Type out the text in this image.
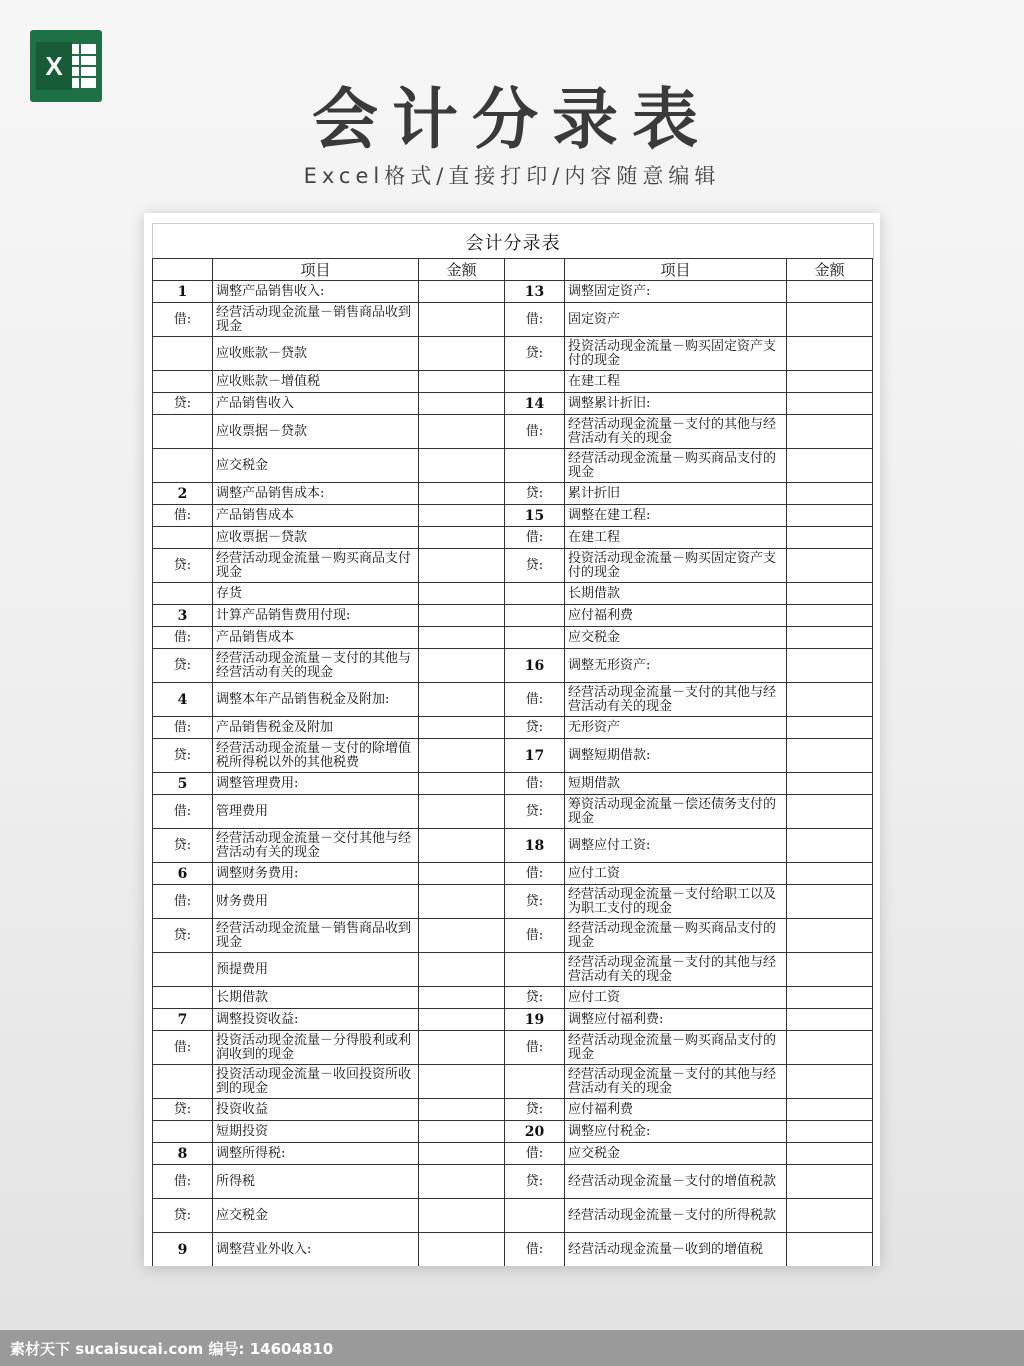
X
会计分录表
Excel格式/直接打印/内容随意编辑
会计分录表
	项目	金额		项目	金额
1	调整产品销售收入:		13	调整固定资产:	
借:	经营活动现金流量－销售商品收到现金		借:	固定资产	
	应收账款－贷款		贷:	投资活动现金流量－购买固定资产支付的现金	
	应收账款－增值税			在建工程	
贷:	产品销售收入		14	调整累计折旧:	
	应收票据－贷款		借:	经营活动现金流量－支付的其他与经营活动有关的现金	
	应交税金			经营活动现金流量－购买商品支付的现金	
2	调整产品销售成本:		贷:	累计折旧	
借:	产品销售成本		15	调整在建工程:	
	应收票据－贷款		借:	在建工程	
贷:	经营活动现金流量－购买商品支付现金		贷:	投资活动现金流量－购买固定资产支付的现金	
	存货			长期借款	
3	计算产品销售费用付现:			应付福利费	
借:	产品销售成本			应交税金	
贷:	经营活动现金流量－支付的其他与经营活动有关的现金		16	调整无形资产:	
4	调整本年产品销售税金及附加:		借:	经营活动现金流量－支付的其他与经营活动有关的现金	
借:	产品销售税金及附加		贷:	无形资产	
贷:	经营活动现金流量－支付的除增值税所得税以外的其他税费		17	调整短期借款:	
5	调整管理费用:		借:	短期借款	
借:	管理费用		贷:	筹资活动现金流量－偿还债务支付的现金	
贷:	经营活动现金流量－交付其他与经营活动有关的现金		18	调整应付工资:	
6	调整财务费用:		借:	应付工资	
借:	财务费用		贷:	经营活动现金流量－支付给职工以及为职工支付的现金	
贷:	经营活动现金流量－销售商品收到现金		借:	经营活动现金流量－购买商品支付的现金	
	预提费用			经营活动现金流量－支付的其他与经营活动有关的现金	
	长期借款		贷:	应付工资	
7	调整投资收益:		19	调整应付福利费:	
借:	投资活动现金流量－分得股利或利润收到的现金		借:	经营活动现金流量－购买商品支付的现金	
	投资活动现金流量－收回投资所收到的现金			经营活动现金流量－支付的其他与经营活动有关的现金	
贷:	投资收益		贷:	应付福利费	
	短期投资		20	调整应付税金:	
8	调整所得税:		借:	应交税金	
借:	所得税		贷:	经营活动现金流量－支付的增值税款	
贷:	应交税金			经营活动现金流量－支付的所得税款	
9	调整营业外收入:		借:	经营活动现金流量－收到的增值税	
素材天下 sucaisucai.com 编号: 14604810
